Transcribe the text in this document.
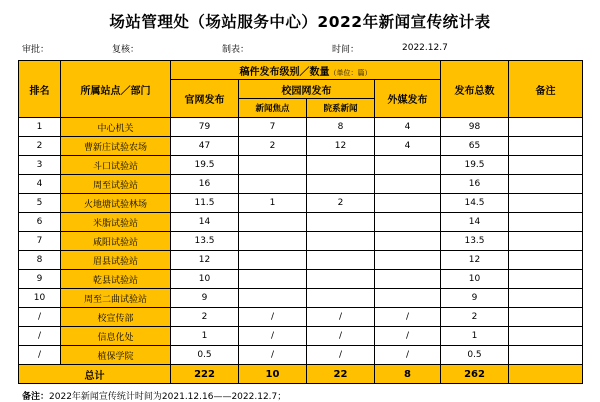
场站管理处（场站服务中心）2022年新闻宣传统计表
审批：	复核：	制表：	时间：	2022.12.7
排名	所属站点／部门	稿件发布级别／数量（单位：篇）				发布总数	备注
		官网发布	校园网发布		外媒发布		
			新闻焦点	院系新闻			
1	中心机关	79	7	8	4	98	
2	曹新庄试验农场	47	2	12	4	65	
3	斗口试验站	19.5				19.5	
4	周至试验站	16				16	
5	火地塘试验林场	11.5	1	2		14.5	
6	米脂试验站	14				14	
7	咸阳试验站	13.5				13.5	
8	眉县试验站	12				12	
9	乾县试验站	10				10	
10	周至二曲试验站	9				9	
/	校宣传部	2	/	/	/	2	
/	信息化处	1	/	/	/	1	
/	植保学院	0.5	/	/	/	0.5	
总计		222	10	22	8	262	
备注：2022年新闻宣传统计时间为2021.12.16——2022.12.7；
